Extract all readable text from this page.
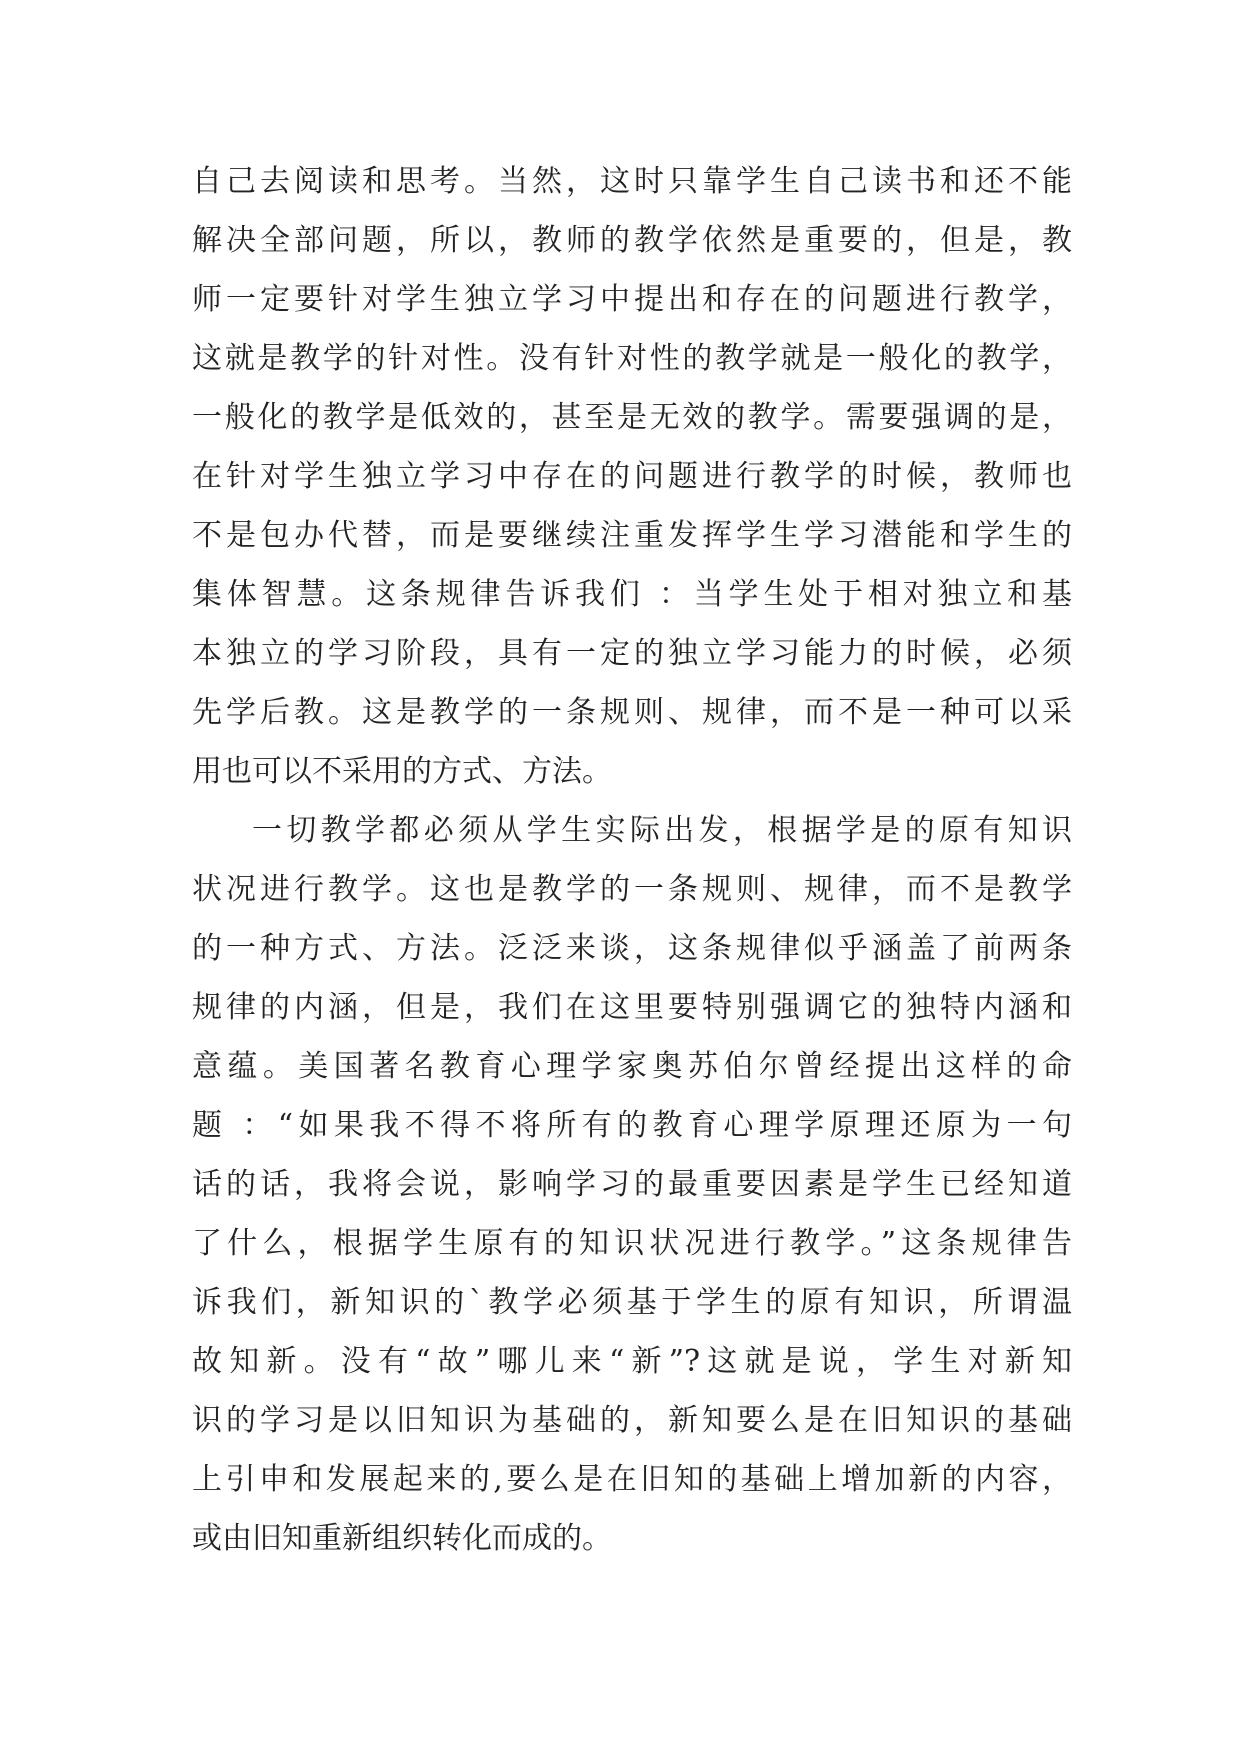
自己去阅读和思考。当然，这时只靠学生自己读书和还不能
解决全部问题，所以，教师的教学依然是重要的，但是，教
师一定要针对学生独立学习中提出和存在的问题进行教学，
这就是教学的针对性。没有针对性的教学就是一般化的教学，
一般化的教学是低效的，甚至是无效的教学。需要强调的是，
在针对学生独立学习中存在的问题进行教学的时候，教师也
不是包办代替，而是要继续注重发挥学生学习潜能和学生的
集体智慧。这条规律告诉我们 ：当学生处于相对独立和基
本独立的学习阶段，具有一定的独立学习能力的时候，必须
先学后教。这是教学的一条规则、规律，而不是一种可以采
用也可以不采用的方式、方法。
一切教学都必须从学生实际出发，根据学是的原有知识
状况进行教学。这也是教学的一条规则、规律，而不是教学
的一种方式、方法。泛泛来谈，这条规律似乎涵盖了前两条
规律的内涵，但是，我们在这里要特别强调它的独特内涵和
意蕴。美国著名教育心理学家奥苏伯尔曾经提出这样的命
题 ：“如果我不得不将所有的教育心理学原理还原为一句
话的话，我将会说，影响学习的最重要因素是学生已经知道
了什么，根据学生原有的知识状况进行教学。”这条规律告
诉我们，新知识的`教学必须基于学生的原有知识，所谓温
故知新。没有“故”哪儿来“新”?这就是说，学生对新知
识的学习是以旧知识为基础的，新知要么是在旧知识的基础
上引申和发展起来的,要么是在旧知的基础上增加新的内容，
或由旧知重新组织转化而成的。
